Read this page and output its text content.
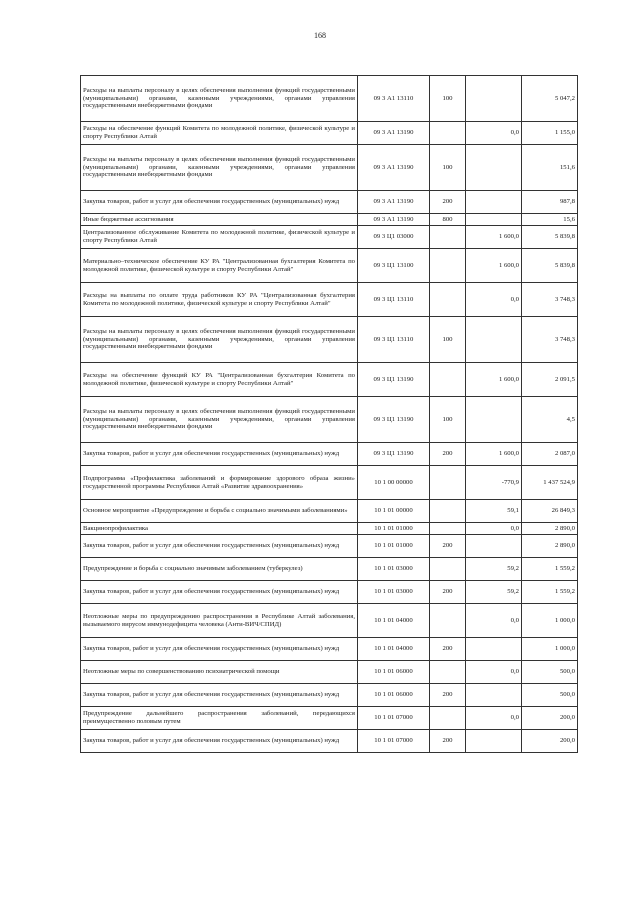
168
Расходы на выплаты персоналу в целях обеспечения выполнения функций государственными (муниципальными) органами, казенными учреждениями, органами управления государственными внебюджетными фондами	09 3 А1 13110	100		5 047,2
Расходы на обеспечение функций Комитета по молодежной политике, физической культуре и спорту Республики Алтай	09 3 А1 13190		0,0	1 155,0
Расходы на выплаты персоналу в целях обеспечения выполнения функций государственными (муниципальными) органами, казенными учреждениями, органами управления государственными внебюджетными фондами	09 3 А1 13190	100		151,6
Закупка товаров, работ и услуг для обеспечения государственных (муниципальных) нужд	09 3 А1 13190	200		987,8
Иные бюджетные ассигнования	09 3 А1 13190	800		15,6
Централизованное обслуживание Комитета по молодежной политике, физической культуре и спорту Республики Алтай	09 3 Ц1 03000		1 600,0	5 839,8
Материально–техническое обеспечение КУ РА "Централизованная бухгалтерия Комитета по молодежной политике, физической культуре и спорту Республики Алтай"	09 3 Ц1 13100		1 600,0	5 839,8
Расходы на выплаты по оплате труда работников КУ РА "Централизованная бухгалтерия Комитета по молодежной политике, физической культуре и спорту Республики Алтай"	09 3 Ц1 13110		0,0	3 748,3
Расходы на выплаты персоналу в целях обеспечения выполнения функций государственными (муниципальными) органами, казенными учреждениями, органами управления государственными внебюджетными фондами	09 3 Ц1 13110	100		3 748,3
Расходы на обеспечение функций КУ РА "Централизованная бухгалтерия Комитета по молодежной политике, физической культуре и спорту Республики Алтай"	09 3 Ц1 13190		1 600,0	2 091,5
Расходы на выплаты персоналу в целях обеспечения выполнения функций государственными (муниципальными) органами, казенными учреждениями, органами управления государственными внебюджетными фондами	09 3 Ц1 13190	100		4,5
Закупка товаров, работ и услуг для обеспечения государственных (муниципальных) нужд	09 3 Ц1 13190	200	1 600,0	2 087,0
Подпрограмма «Профилактика заболеваний и формирование здорового образа жизни» государственной программы Республики Алтай «Развитие здравоохранения»	10 1 00 00000		-770,9	1 437 524,9
Основное мероприятие «Предупреждение и борьба с социально значимыми заболеваниями»	10 1 01 00000		59,1	26 849,3
Вакцинопрофилактика	10 1 01 01000		0,0	2 890,0
Закупка товаров, работ и услуг для обеспечения государственных (муниципальных) нужд	10 1 01 01000	200		2 890,0
Предупреждение и борьба с социально значимым заболеванием (туберкулез)	10 1 01 03000		59,2	1 559,2
Закупка товаров, работ и услуг для обеспечения государственных (муниципальных) нужд	10 1 01 03000	200	59,2	1 559,2
Неотложные меры по предупреждению распространения в Республике Алтай заболевания, вызываемого вирусом иммунодефицита человека (Анти-ВИЧ/СПИД)	10 1 01 04000		0,0	1 000,0
Закупка товаров, работ и услуг для обеспечения государственных (муниципальных) нужд	10 1 01 04000	200		1 000,0
Неотложные меры по совершенствованию психиатрической помощи	10 1 01 06000		0,0	500,0
Закупка товаров, работ и услуг для обеспечения государственных (муниципальных) нужд	10 1 01 06000	200		500,0
Предупреждение дальнейшего распространения заболеваний, передающихся преимущественно половым путем	10 1 01 07000		0,0	200,0
Закупка товаров, работ и услуг для обеспечения государственных (муниципальных) нужд	10 1 01 07000	200		200,0
